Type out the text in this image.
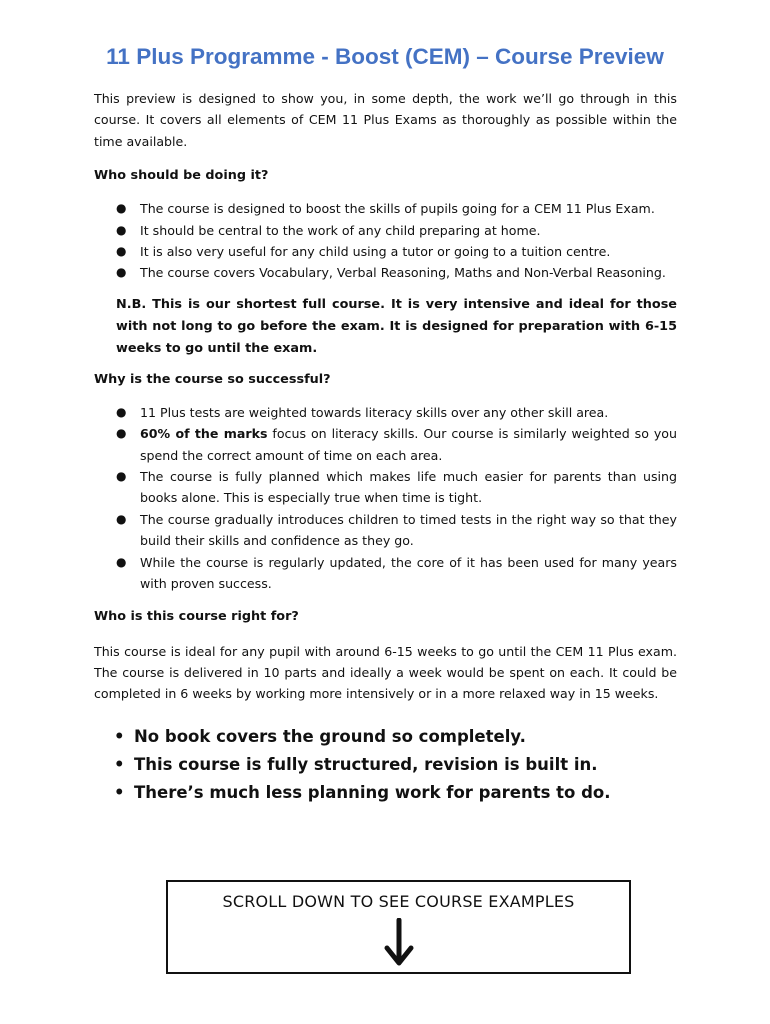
11 Plus Programme - Boost (CEM) – Course Preview

This preview is designed to show you, in some depth, the work we’ll go through in this course. It covers all elements of CEM 11 Plus Exams as thoroughly as possible within the time available.

Who should be doing it?
● The course is designed to boost the skills of pupils going for a CEM 11 Plus Exam.
● It should be central to the work of any child preparing at home.
● It is also very useful for any child using a tutor or going to a tuition centre.
● The course covers Vocabulary, Verbal Reasoning, Maths and Non-Verbal Reasoning.

N.B. This is our shortest full course. It is very intensive and ideal for those with not long to go before the exam. It is designed for preparation with 6-15 weeks to go until the exam.

Why is the course so successful?
● 11 Plus tests are weighted towards literacy skills over any other skill area.
● 60% of the marks focus on literacy skills. Our course is similarly weighted so you spend the correct amount of time on each area.
● The course is fully planned which makes life much easier for parents than using books alone. This is especially true when time is tight.
● The course gradually introduces children to timed tests in the right way so that they build their skills and confidence as they go.
● While the course is regularly updated, the core of it has been used for many years with proven success.
Who is this course right for?

This course is ideal for any pupil with around 6-15 weeks to go until the CEM 11 Plus exam. The course is delivered in 10 parts and ideally a week would be spent on each. It could be completed in 6 weeks by working more intensively or in a more relaxed way in 15 weeks.

• No book covers the ground so completely.
• This course is fully structured, revision is built in.
• There’s much less planning work for parents to do.
SCROLL DOWN TO SEE COURSE EXAMPLES
